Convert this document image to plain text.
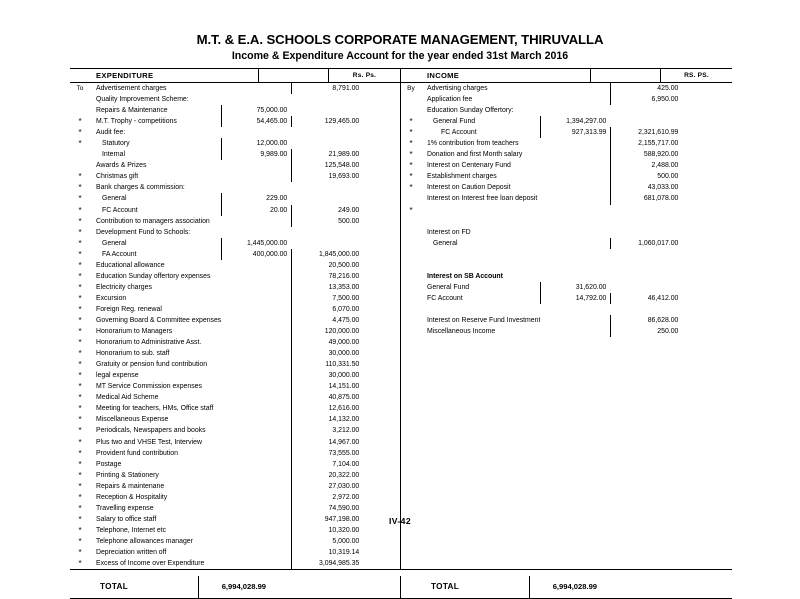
M.T. & E.A. SCHOOLS CORPORATE MANAGEMENT, THIRUVALLA
Income & Expenditure Account for the year ended 31st March 2016
EXPENDITURE	Rs. Ps.	INCOME	RS. PS.
To	Advertisement charges	8,791.00
Quality Improvement Scheme:
Repairs & Maintenance	75,000.00
*	M.T. Trophy - competitions	54,465.00	129,465.00
*	Audit fee:
*	Statutory	12,000.00
Internal	9,989.00	21,989.00
Awards & Prizes	125,548.00
*	Christmas gift	19,693.00
*	Bank charges & commission:
*	General	229.00
*	FC Account	20.00	249.00
*	Contribution to managers association	500.00
*	Development Fund to Schools:
*	General	1,445,000.00
*	FA Account	400,000.00	1,845,000.00
*	Educational allowance	20,500.00
*	Education Sunday offertory expenses	78,216.00
*	Electricity charges	13,353.00
*	Excursion	7,500.00
*	Foreign Reg. renewal	6,070.00
*	Governing Board & Committee expenses	4,475.00
*	Honorarium to Managers	120,000.00
*	Honorarium to Administrative Asst.	49,000.00
*	Honorarium to sub. staff	30,000.00
*	Gratuity or pension fund contribution	110,331.50
*	legal expense	30,000.00
*	MT Service Commission expenses	14,151.00
*	Medical Aid Scheme	40,875.00
*	Meeting for teachers, HMs, Office staff	12,616.00
*	Miscellaneous Expense	14,132.00
*	Periodicals, Newspapers and books	3,212.00
*	Plus two and VHSE Test, Interview	14,967.00
*	Provident fund contribution	73,555.00
*	Postage	7,104.00
*	Printing & Stationery	20,322.00
*	Repairs & maintenane	27,030.00
*	Reception & Hospitality	2,972.00
*	Travelling expense	74,590.00
*	Salary to office staff	947,198.00
*	Telephone, Internet etc	10,320.00
*	Telephone allowances manager	5,000.00
*	Depreciation written off	10,319.14
*	Excess of Income over Expenditure	3,094,985.35
By	Advertising charges	425.00
Application fee	6,950.00
Education Sunday Offertory:
*	General Fund	1,394,297.00
*	FC Account	927,313.99	2,321,610.99
*	1% contribution from teachers	2,155,717.00
*	Donation and first Month salary	588,920.00
*	Interest on Centenary Fund	2,488.00
*	Establishment charges	500.00
*	Interest on Caution Deposit	43,033.00
Interest on Interest free loan deposit	681,078.00
*
Interest on FD
General	1,060,017.00
Interest on SB Account
General Fund	31,620.00
FC Account	14,792.00	46,412.00
Interest on Reserve Fund Investment	86,628.00
Miscellaneous Income	250.00
TOTAL	6,994,028.99	TOTAL	6,994,028.99
IV-42
